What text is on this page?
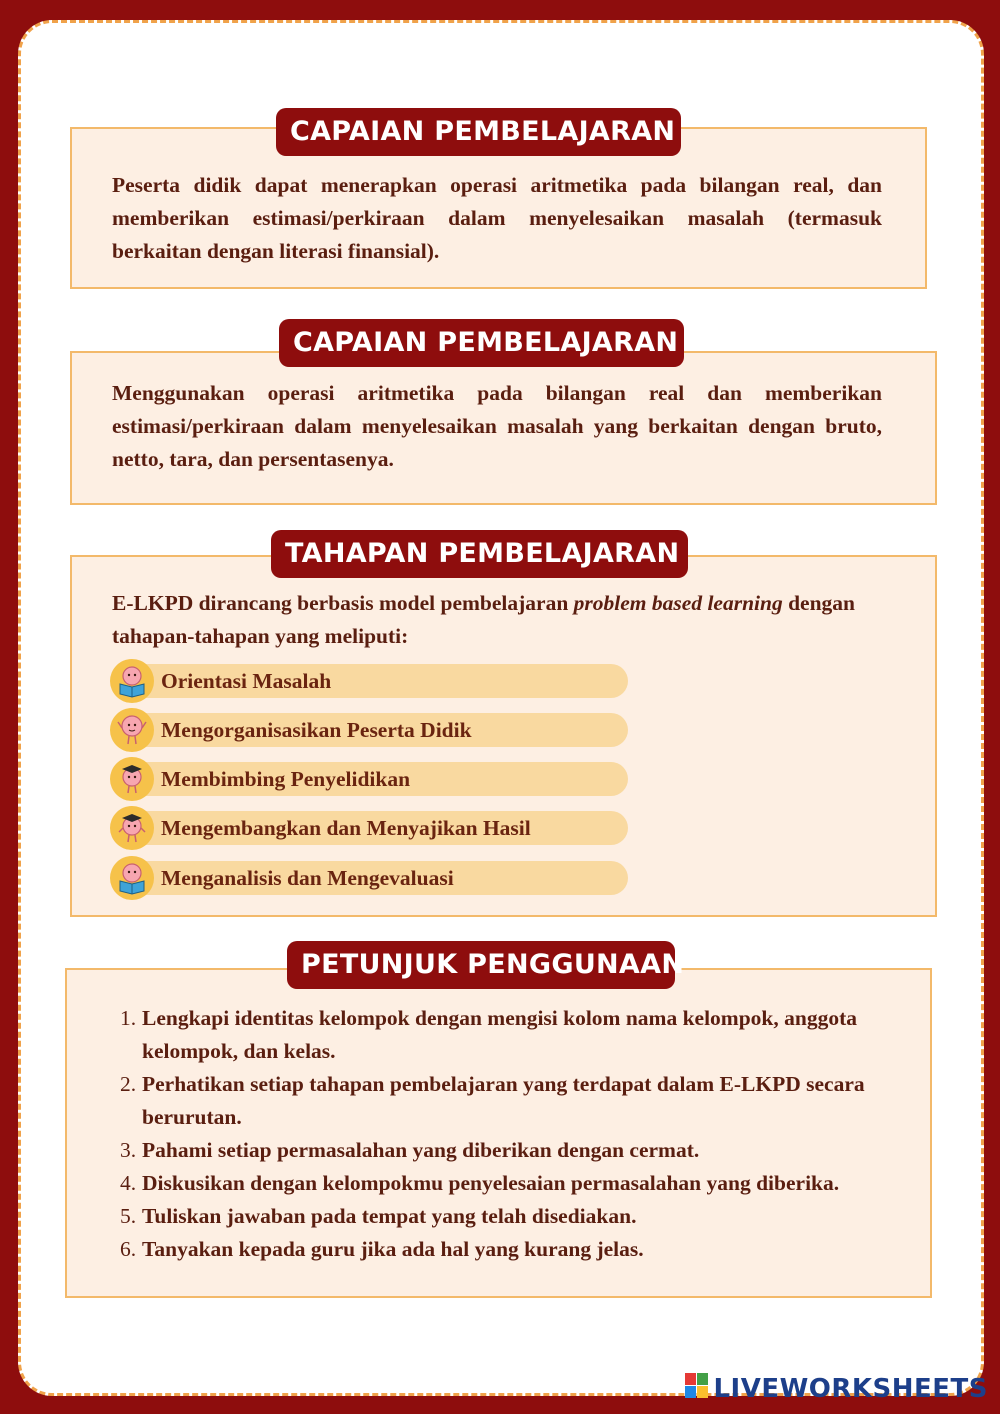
Peserta didik dapat menerapkan operasi aritmetika pada bilangan real, dan memberikan estimasi/perkiraan dalam menyelesaikan masalah (termasuk berkaitan dengan literasi finansial).
CAPAIAN PEMBELAJARAN
Menggunakan operasi aritmetika pada bilangan real dan memberikan estimasi/perkiraan dalam menyelesaikan masalah yang berkaitan dengan bruto, netto, tara, dan persentasenya.
CAPAIAN PEMBELAJARAN
E-LKPD dirancang berbasis model pembelajaran problem based learning dengan tahapan-tahapan yang meliputi:
Orientasi Masalah
Mengorganisasikan Peserta Didik
Membimbing Penyelidikan
Mengembangkan dan Menyajikan Hasil
Menganalisis dan Mengevaluasi
TAHAPAN PEMBELAJARAN
1. Lengkapi identitas kelompok dengan mengisi kolom nama kelompok, anggota kelompok, dan kelas.
2. Perhatikan setiap tahapan pembelajaran yang terdapat dalam E-LKPD secara berurutan.
3. Pahami setiap permasalahan yang diberikan dengan cermat.
4. Diskusikan dengan kelompokmu penyelesaian permasalahan yang diberika.
5. Tuliskan jawaban pada tempat yang telah disediakan.
6. Tanyakan kepada guru jika ada hal yang kurang jelas.
PETUNJUK PENGGUNAAN
LIVEWORKSHEETS
